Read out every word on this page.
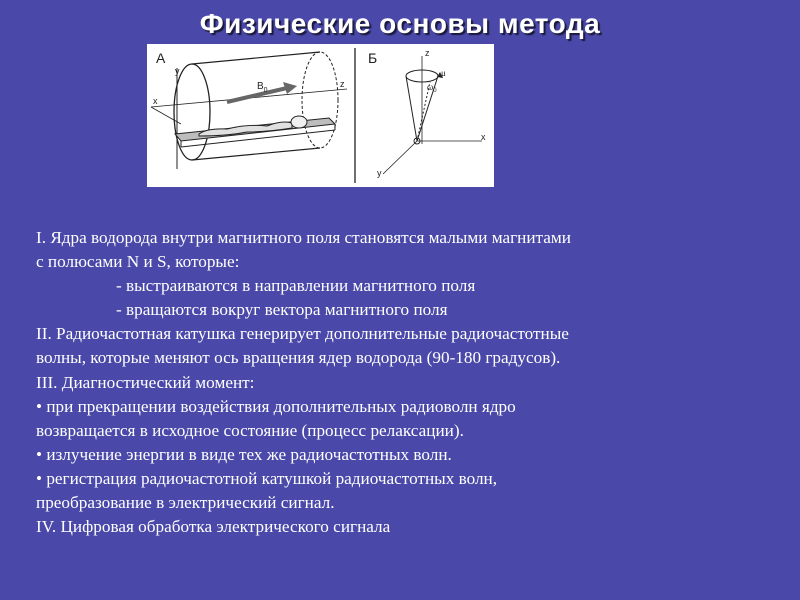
Физические основы метода
А
y
z
x
$B_0$
Б	z
x
y
$\omega_0$
μ
I. Ядра водорода внутри магнитного поля становятся малыми магнитами
с полюсами N и S, которые:
- выстраиваются в направлении магнитного поля
- вращаются вокруг вектора магнитного поля
II. Радиочастотная катушка генерирует дополнительные радиочастотные
волны, которые меняют ось вращения ядер водорода (90-180 градусов).
III. Диагностический момент:
• при прекращении воздействия дополнительных радиоволн ядро
возвращается в исходное состояние (процесс релаксации).
• излучение энергии в виде тех же радиочастотных волн.
• регистрация радиочастотной катушкой радиочастотных волн,
преобразование в электрический сигнал.
IV. Цифровая обработка электрического сигнала
